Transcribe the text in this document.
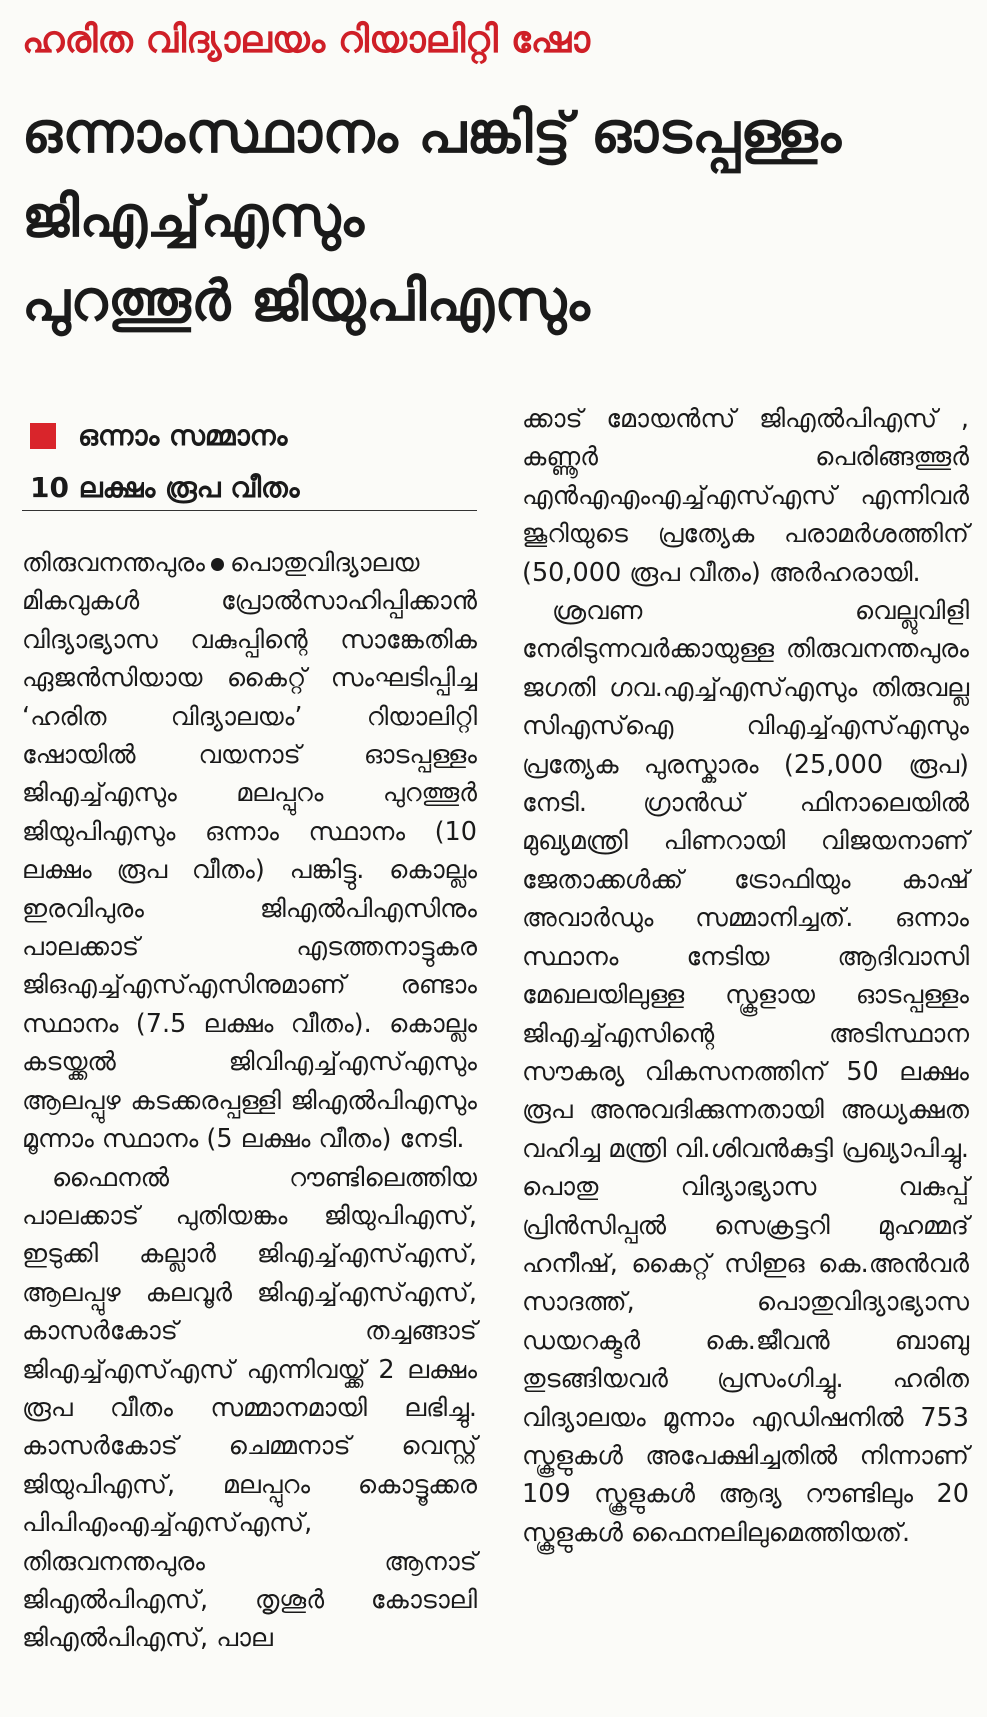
ഹരിത വിദ്യാലയം റിയാലിറ്റി ഷോ
ഒന്നാംസ്ഥാനം പങ്കിട്ട് ഓടപ്പള്ളം
ജിഎച്ച്എസും
പുറത്തൂർ ജിയുപിഎസും
ഒന്നാം സമ്മാനം
10 ലക്ഷം രൂപ വീതം

തിരുവനന്തപുരം പൊതുവിദ്യാലയ മികവുകൾ പ്രോൽസാഹിപ്പിക്കാൻ വിദ്യാഭ്യാസ വകുപ്പിന്റെ സാങ്കേതിക ഏജൻസിയായ കൈറ്റ് സംഘടിപ്പിച്ച ‘ഹരിത വിദ്യാലയം’ റിയാലിറ്റി ഷോയിൽ വയനാട് ഓടപ്പള്ളം ജിഎച്ച്എസും മലപ്പുറം പുറത്തൂർ ജിയുപിഎസും ഒന്നാം സ്ഥാനം (10 ലക്ഷം രൂപ വീതം) പങ്കിട്ടു. കൊല്ലം ഇരവിപുരം ജിഎൽപിഎസിനും പാലക്കാട് എടത്തനാട്ടുകര ജിഒഎച്ച്എസ്എസിനുമാണ് രണ്ടാം സ്ഥാനം (7.5 ലക്ഷം വീതം). കൊല്ലം കടയ്ക്കൽ ജിവിഎച്ച്എസ്എസും ആലപ്പുഴ കടക്കരപ്പള്ളി ജിഎൽപിഎസും മൂന്നാം സ്ഥാനം (5 ലക്ഷം വീതം) നേടി.

ഫൈനൽ റൗണ്ടിലെത്തിയ പാലക്കാട് പുതിയങ്കം ജിയുപിഎസ്, ഇടുക്കി കല്ലാർ ജിഎച്ച്എസ്എസ്, ആലപ്പുഴ കലവൂർ ജിഎച്ച്എസ്എസ്, കാസർകോട് തച്ചങ്ങാട് ജിഎച്ച്എസ്എസ് എന്നിവയ്ക്ക് 2 ലക്ഷം രൂപ വീതം സമ്മാനമായി ലഭിച്ചു. കാസർകോട് ചെമ്മനാട് വെസ്റ്റ് ജിയുപിഎസ്, മലപ്പുറം കൊട്ടൂക്കര പിപിഎംഎച്ച്എസ്എസ്, തിരുവനന്തപുരം ആനാട് ജിഎൽപിഎസ്, തൃശൂർ കോടാലി ജിഎൽപിഎസ്, പാല

ക്കാട് മോയൻസ് ജിഎൽപിഎസ് , കണ്ണൂർ പെരിങ്ങത്തൂർ എൻഎഎംഎച്ച്എസ്എസ് എന്നിവർ ജൂറിയുടെ പ്രത്യേക പരാമർശത്തിന് (50,000 രൂപ വീതം) അർഹരായി.

ശ്രവണ വെല്ലുവിളി നേരിടുന്നവർക്കായുള്ള തിരുവനന്തപുരം ജഗതി ഗവ.എച്ച്എസ്എസും തിരുവല്ല സിഎസ്ഐ വിഎച്ച്എസ്എസും പ്രത്യേക പുരസ്കാരം (25,000 രൂപ) നേടി. ഗ്രാൻഡ് ഫിനാലെയിൽ മുഖ്യമന്ത്രി പിണറായി വിജയനാണ് ജേതാക്കൾക്ക് ട്രോഫിയും കാഷ് അവാർഡും സമ്മാനിച്ചത്. ഒന്നാം സ്ഥാനം നേടിയ ആദിവാസി മേഖലയിലുള്ള സ്കൂളായ ഓടപ്പള്ളം ജിഎച്ച്എസിന്റെ അടിസ്ഥാന സൗകര്യ വികസനത്തിന് 50 ലക്ഷം രൂപ അനുവദിക്കുന്നതായി അധ്യക്ഷത വഹിച്ച മന്ത്രി വി.ശിവൻകുട്ടി പ്രഖ്യാപിച്ചു. പൊതു വിദ്യാഭ്യാസ വകുപ്പ് പ്രിൻസിപ്പൽ സെക്രട്ടറി മുഹമ്മദ് ഹനീഷ്, കൈറ്റ് സിഇഒ കെ.അൻവർ സാദത്ത്, പൊതുവിദ്യാഭ്യാസ ഡയറക്ടർ കെ.ജീവൻ ബാബു തുടങ്ങിയവർ പ്രസംഗിച്ചു. ഹരിത വിദ്യാലയം മൂന്നാം എഡിഷനിൽ 753 സ്കൂളുകൾ അപേക്ഷിച്ചതിൽ നിന്നാണ് 109 സ്കൂളുകൾ ആദ്യ റൗണ്ടിലും 20 സ്കൂളുകൾ ഫൈനലിലുമെത്തിയത്.
